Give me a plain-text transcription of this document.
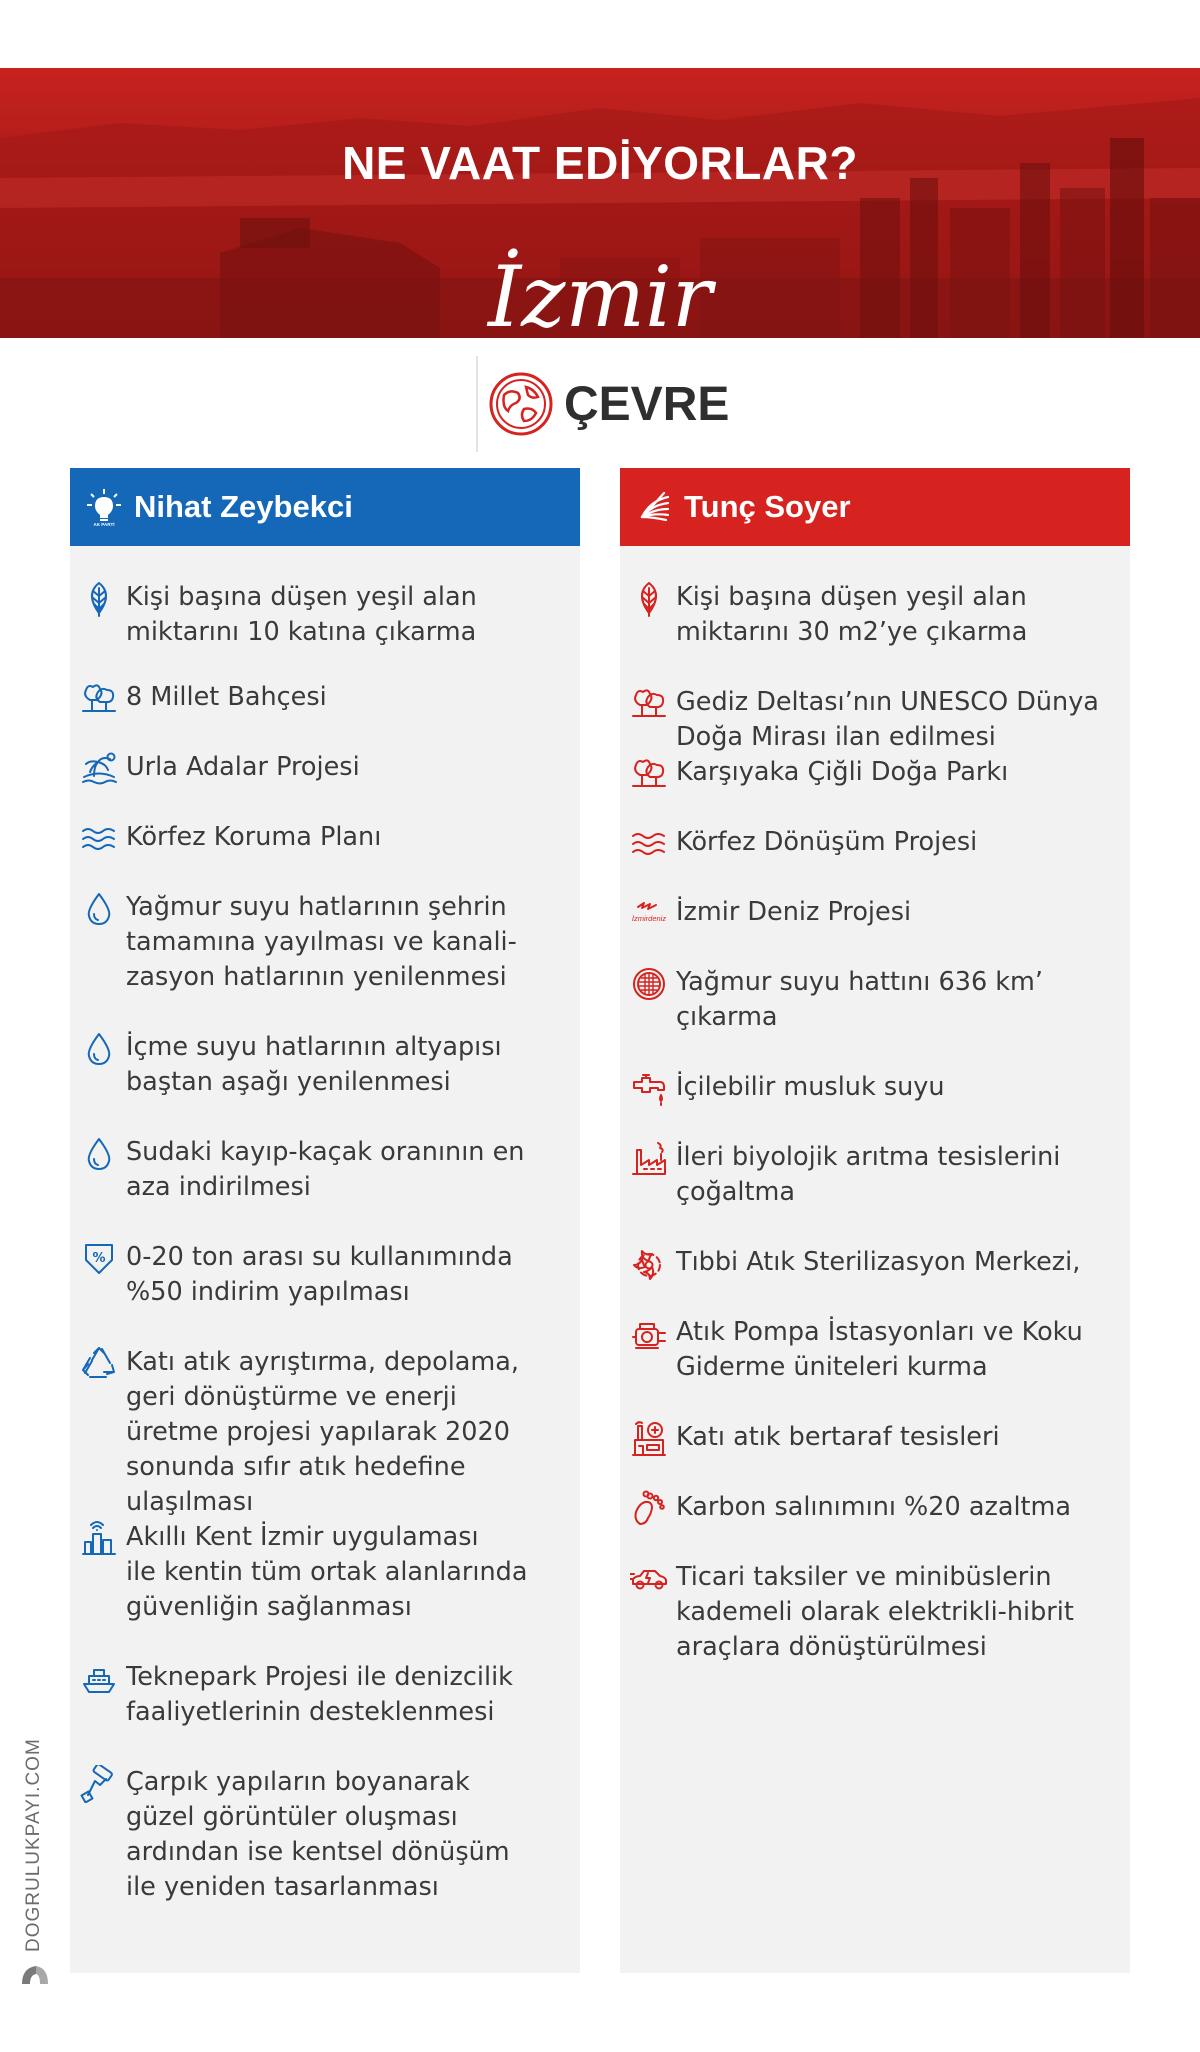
NE VAAT EDİYORLAR?
İzmir
ÇEVRE
AK PARTİ
Nihat Zeybekci
Kişi başına düşen yeşil alan
miktarını 10 katına çıkarma
8 Millet Bahçesi
Urla Adalar Projesi
Körfez Koruma Planı
Yağmur suyu hatlarının şehrin
tamamına yayılması ve kanali-
zasyon hatlarının yenilenmesi
İçme suyu hatlarının altyapısı
baştan aşağı yenilenmesi
Sudaki kayıp-kaçak oranının en
aza indirilmesi
% 0-20 ton arası su kullanımında
%50 indirim yapılması
Katı atık ayrıştırma, depolama,
geri dönüştürme ve enerji
üretme projesi yapılarak 2020
sonunda sıfır atık hedefine
ulaşılması
Akıllı Kent İzmir uygulaması
ile kentin tüm ortak alanlarında
güvenliğin sağlanması
Teknepark Projesi ile denizcilik
faaliyetlerinin desteklenmesi
Çarpık yapıların boyanarak
güzel görüntüler oluşması
ardından ise kentsel dönüşüm
ile yeniden tasarlanması
Tunç Soyer
Kişi başına düşen yeşil alan
miktarını 30 m2’ye çıkarma
Gediz Deltası’nın UNESCO Dünya
Doğa Mirası ilan edilmesi
Karşıyaka Çiğli Doğa Parkı
Körfez Dönüşüm Projesi
İzmirdeniz İzmir Deniz Projesi
Yağmur suyu hattını 636 km’
çıkarma
İçilebilir musluk suyu
İleri biyolojik arıtma tesislerini
çoğaltma
Tıbbi Atık Sterilizasyon Merkezi,
Atık Pompa İstasyonları ve Koku
Giderme üniteleri kurma
Katı atık bertaraf tesisleri
Karbon salınımını %20 azaltma
Ticari taksiler ve minibüslerin
kademeli olarak elektrikli-hibrit
araçlara dönüştürülmesi
DOGRULUKPAYI.COM
